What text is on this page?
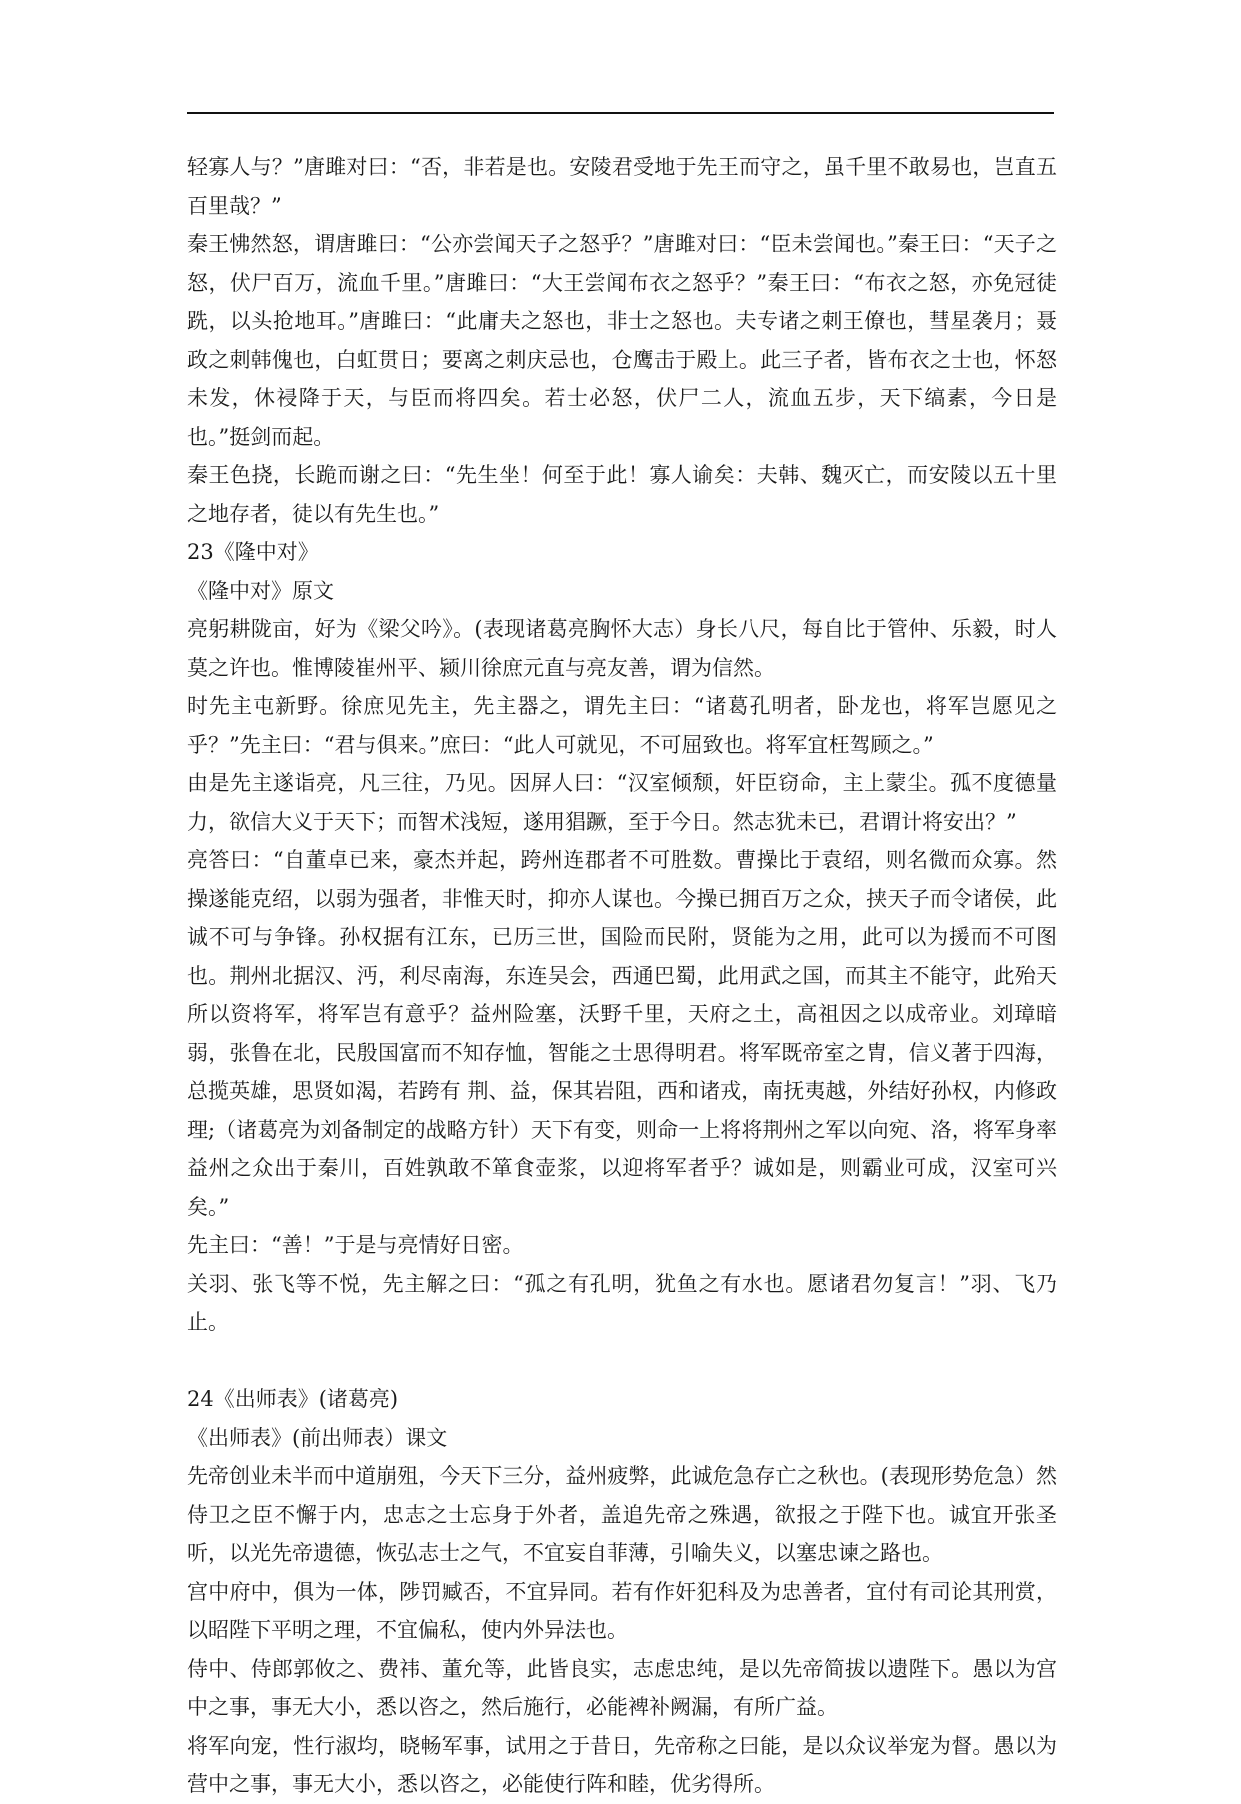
轻寡人与？”唐雎对曰：“否，非若是也。安陵君受地于先王而守之，虽千里不敢易也，岂直五百里哉？”

秦王怫然怒，谓唐雎曰：“公亦尝闻天子之怒乎？”唐雎对曰：“臣未尝闻也。”秦王曰：“天子之怒，伏尸百万，流血千里。”唐雎曰：“大王尝闻布衣之怒乎？”秦王曰：“布衣之怒，亦免冠徒跣，以头抢地耳。”唐雎曰：“此庸夫之怒也，非士之怒也。夫专诸之刺王僚也，彗星袭月；聂政之刺韩傀也，白虹贯日；要离之刺庆忌也，仓鹰击于殿上。此三子者，皆布衣之士也，怀怒未发，休祲降于天，与臣而将四矣。若士必怒，伏尸二人，流血五步，天下缟素，今日是也。”挺剑而起。

秦王色挠，长跪而谢之曰：“先生坐！何至于此！寡人谕矣：夫韩、魏灭亡，而安陵以五十里之地存者，徒以有先生也。”

23《隆中对》

《隆中对》原文

亮躬耕陇亩，好为《梁父吟》。(表现诸葛亮胸怀大志）身长八尺，每自比于管仲、乐毅，时人莫之许也。惟博陵崔州平、颍川徐庶元直与亮友善，谓为信然。

时先主屯新野。徐庶见先主，先主器之，谓先主曰：“诸葛孔明者，卧龙也，将军岂愿见之乎？”先主曰：“君与俱来。”庶曰：“此人可就见，不可屈致也。将军宜枉驾顾之。”

由是先主遂诣亮，凡三往，乃见。因屏人曰：“汉室倾颓，奸臣窃命，主上蒙尘。孤不度德量力，欲信大义于天下；而智术浅短，遂用猖蹶，至于今日。然志犹未已，君谓计将安出？”

亮答曰：“自董卓已来，豪杰并起，跨州连郡者不可胜数。曹操比于袁绍，则名微而众寡。然操遂能克绍，以弱为强者，非惟天时，抑亦人谋也。今操已拥百万之众，挟天子而令诸侯，此诚不可与争锋。孙权据有江东，已历三世，国险而民附，贤能为之用，此可以为援而不可图也。荆州北据汉、沔，利尽南海，东连吴会，西通巴蜀，此用武之国，而其主不能守，此殆天所以资将军，将军岂有意乎？益州险塞，沃野千里，天府之土，高祖因之以成帝业。刘璋暗弱，张鲁在北，民殷国富而不知存恤，智能之士思得明君。将军既帝室之胄，信义著于四海，总揽英雄，思贤如渴，若跨有 荆、益，保其岩阻，西和诸戎，南抚夷越，外结好孙权，内修政理;（诸葛亮为刘备制定的战略方针）天下有变，则命一上将将荆州之军以向宛、洛，将军身率益州之众出于秦川，百姓孰敢不箪食壶浆，以迎将军者乎？诚如是，则霸业可成，汉室可兴矣。”

先主曰：“善！”于是与亮情好日密。

关羽、张飞等不悦，先主解之曰：“孤之有孔明，犹鱼之有水也。愿诸君勿复言！”羽、飞乃止。

24《出师表》(诸葛亮)

《出师表》(前出师表）课文

先帝创业未半而中道崩殂，今天下三分，益州疲弊，此诚危急存亡之秋也。(表现形势危急）然侍卫之臣不懈于内，忠志之士忘身于外者，盖追先帝之殊遇，欲报之于陛下也。诚宜开张圣听，以光先帝遗德，恢弘志士之气，不宜妄自菲薄，引喻失义，以塞忠谏之路也。

宫中府中，俱为一体，陟罚臧否，不宜异同。若有作奸犯科及为忠善者，宜付有司论其刑赏，以昭陛下平明之理，不宜偏私，使内外异法也。

侍中、侍郎郭攸之、费祎、董允等，此皆良实，志虑忠纯，是以先帝简拔以遗陛下。愚以为宫中之事，事无大小，悉以咨之，然后施行，必能裨补阙漏，有所广益。

将军向宠，性行淑均，晓畅军事，试用之于昔日，先帝称之曰能，是以众议举宠为督。愚以为营中之事，事无大小，悉以咨之，必能使行阵和睦，优劣得所。
